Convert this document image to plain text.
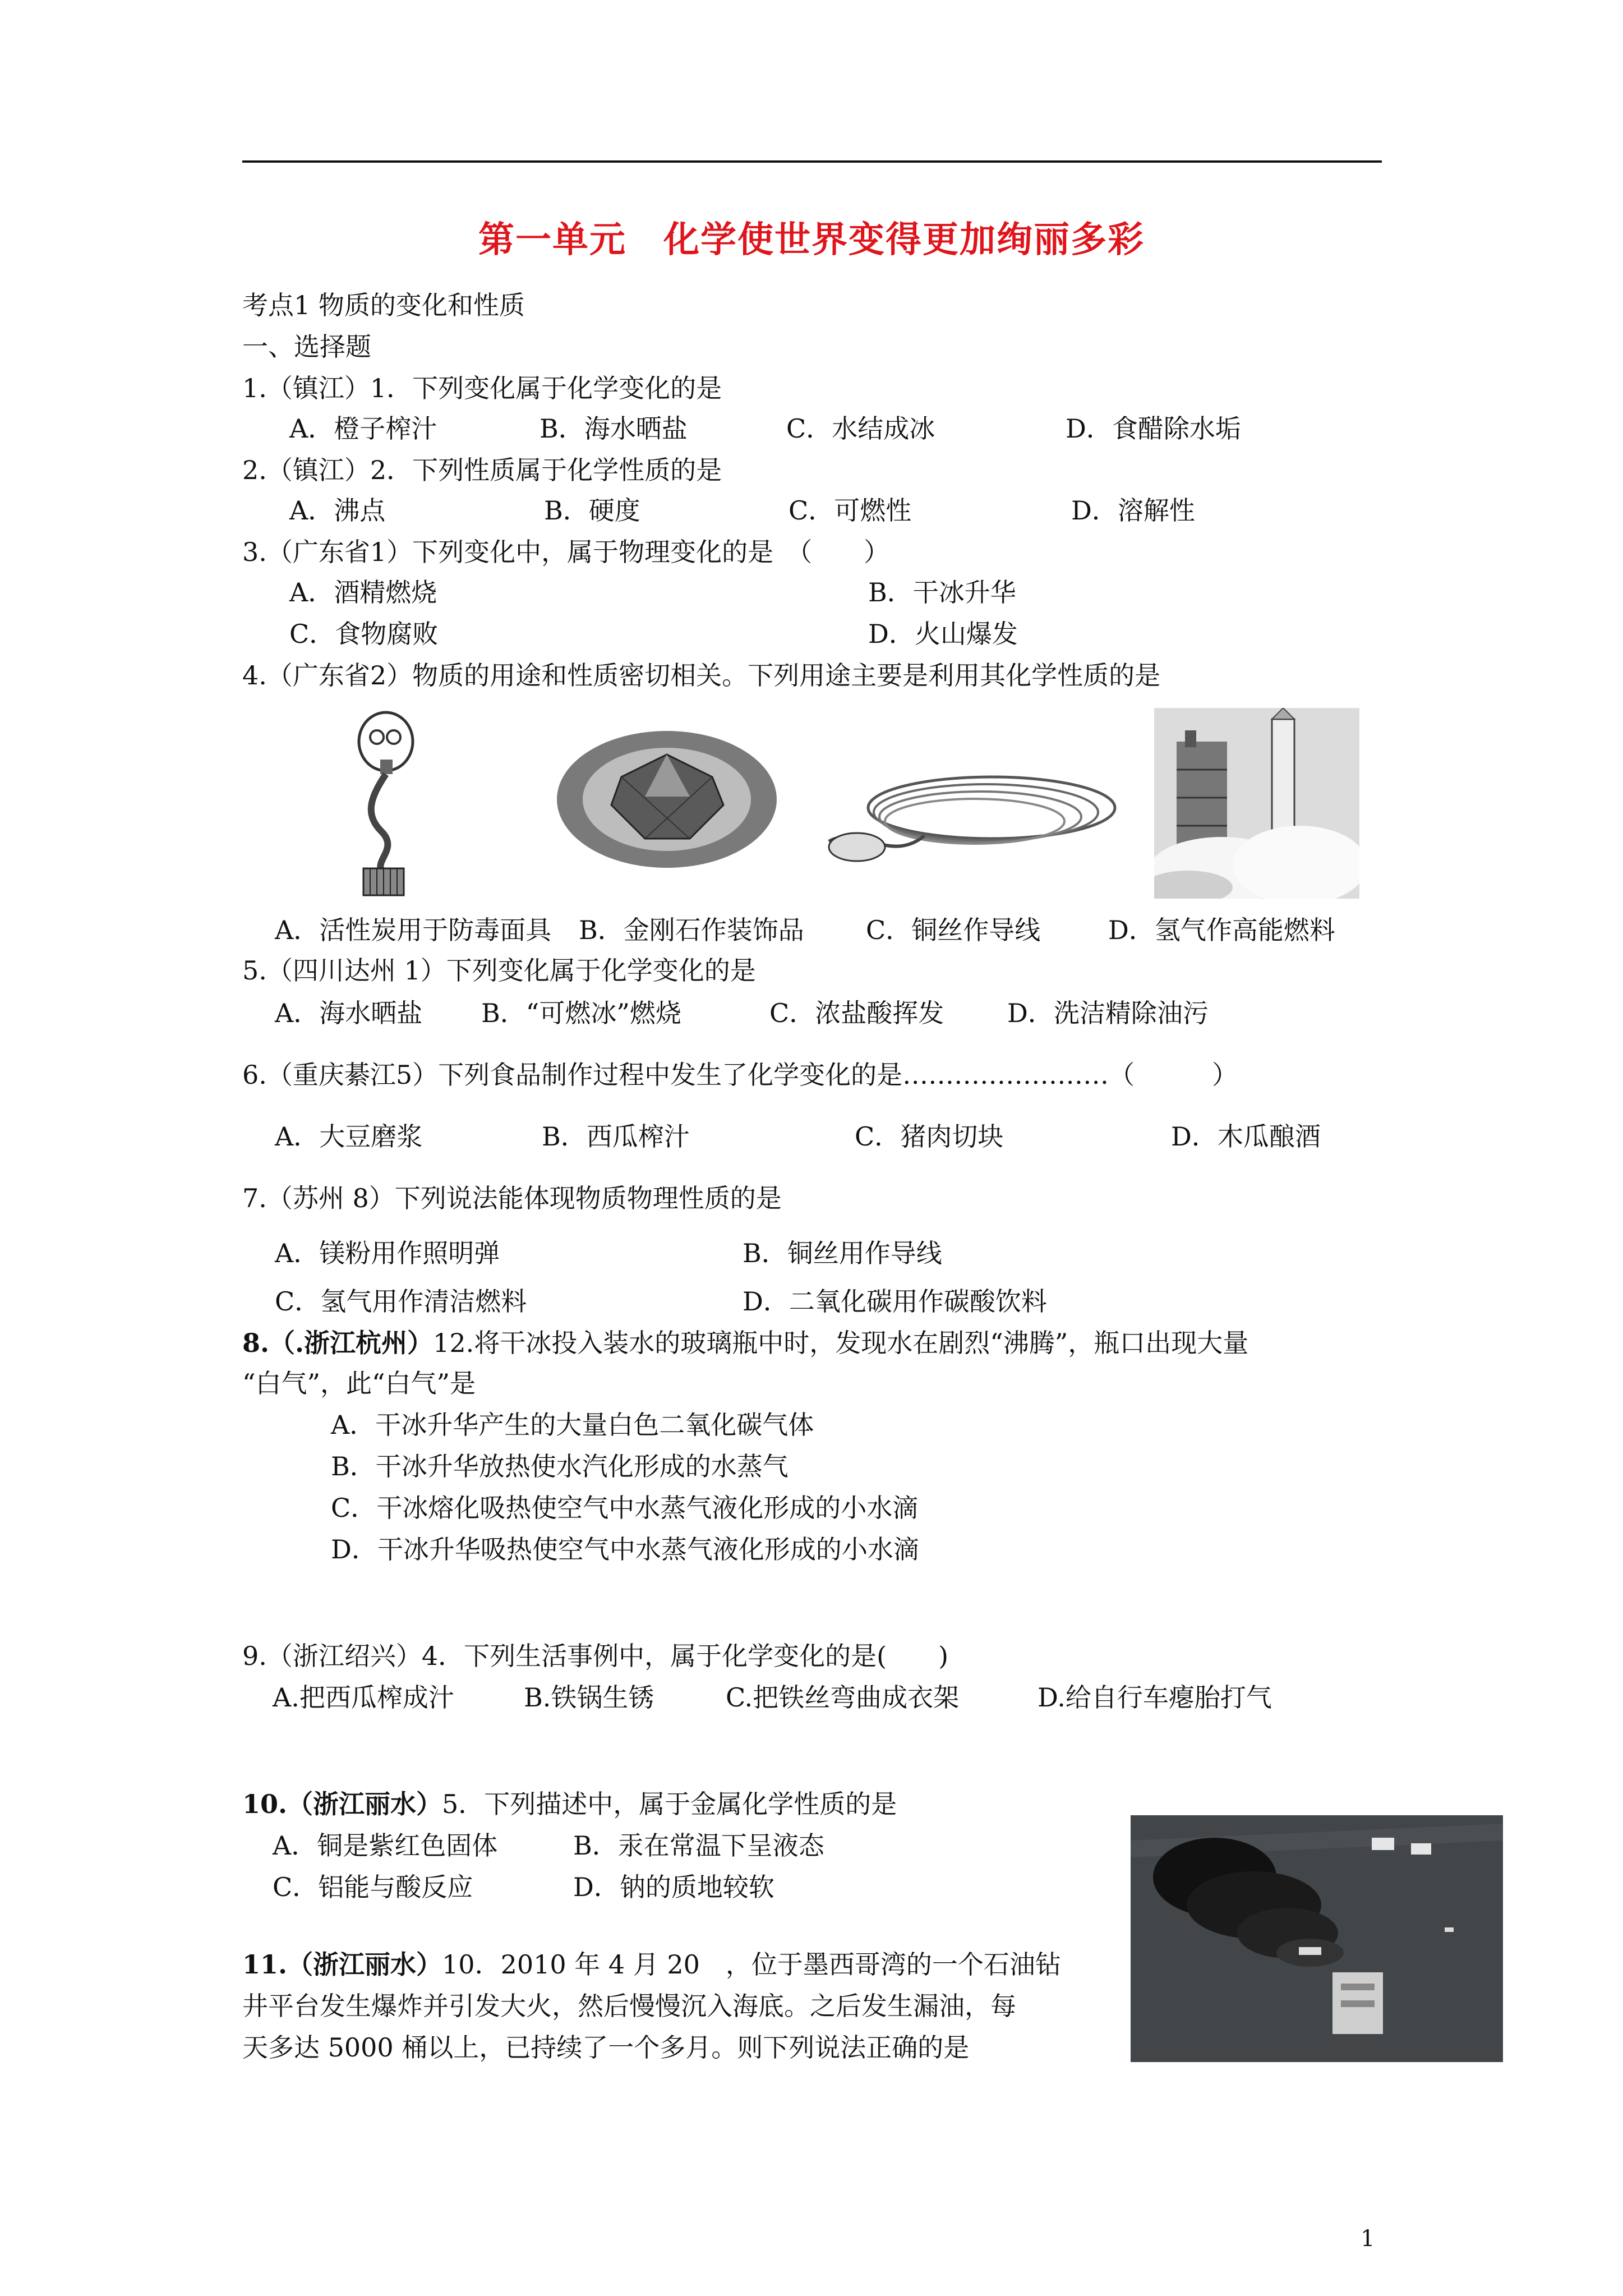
第一单元　化学使世界变得更加绚丽多彩
考点1 物质的变化和性质
一、选择题
1.（镇江）1．下列变化属于化学变化的是
A．橙子榨汁	B．海水晒盐	C．水结成冰	D．食醋除水垢
2.（镇江）2．下列性质属于化学性质的是
A．沸点	B．硬度	C．可燃性	D．溶解性
3.（广东省1）下列变化中，属于物理变化的是　（　　）
A．酒精燃烧	B．干冰升华
C．食物腐败	D．火山爆发
4.（广东省2）物质的用途和性质密切相关。下列用途主要是利用其化学性质的是
A．活性炭用于防毒面具 B．金刚石作装饰品 C．铜丝作导线	D．氢气作高能燃料
5.（四川达州 1）下列变化属于化学变化的是
A．海水晒盐 B．“可燃冰”燃烧	C．浓盐酸挥发 D．洗洁精除油污
6.（重庆綦江5）下列食品制作过程中发生了化学变化的是……………………（　　　）
A．大豆磨浆	B．西瓜榨汁	C．猪肉切块	D．木瓜酿酒
7.（苏州 8）下列说法能体现物质物理性质的是
A．镁粉用作照明弹	B．铜丝用作导线
C．氢气用作清洁燃料	D．二氧化碳用作碳酸饮料
8.（.浙江杭州）12.将干冰投入装水的玻璃瓶中时，发现水在剧烈“沸腾”，瓶口出现大量
“白气”，此“白气”是
A．干冰升华产生的大量白色二氧化碳气体
B．干冰升华放热使水汽化形成的水蒸气
C．干冰熔化吸热使空气中水蒸气液化形成的小水滴
D．干冰升华吸热使空气中水蒸气液化形成的小水滴
9.（浙江绍兴）4．下列生活事例中，属于化学变化的是(　　)
A.把西瓜榨成汁	B.铁锅生锈	C.把铁丝弯曲成衣架	D.给自行车瘪胎打气
10.（浙江丽水）5．下列描述中，属于金属化学性质的是
A．铜是紫红色固体	B．汞在常温下呈液态
C．铝能与酸反应	D．钠的质地较软
11.（浙江丽水）10．2010 年 4 月 20　，位于墨西哥湾的一个石油钻
井平台发生爆炸并引发大火，然后慢慢沉入海底。之后发生漏油，每
天多达 5000 桶以上，已持续了一个多月。则下列说法正确的是
1
